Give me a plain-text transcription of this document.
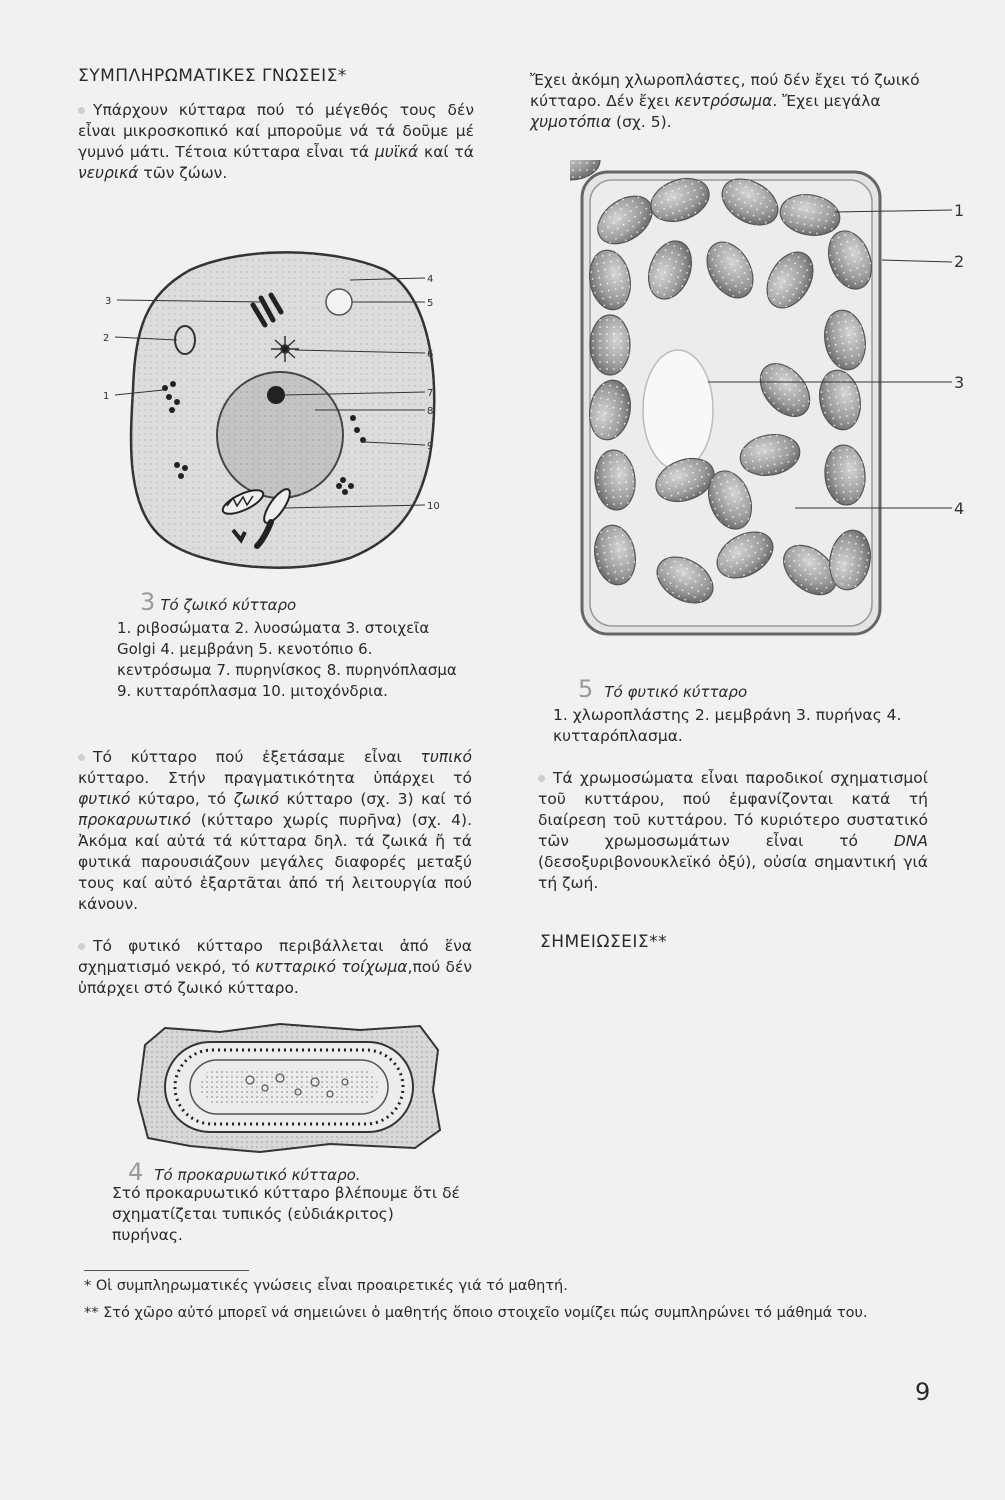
ΣΥΜΠΛΗΡΩΜΑΤΙΚΕΣ ΓΝΩΣΕΙΣ*
Υπάρχουν κύτταρα πού τό μέγεθός τους δέν εἶναι μικροσκοπικό καί μποροῦμε νά τά δοῦμε μέ γυμνό μάτι. Τέτοια κύτταρα εἶναι τά μυϊκά καί τά νευρικά τῶν ζώων.
3
2
1
4
5
6
7
8
9
10
3 Τό ζωικό κύτταρο
1. ριβοσώματα 2. λυοσώματα 3. στοιχεῖα Golgi 4. μεμβράνη 5. κενοτόπιο 6. κεντρόσωμα 7. πυρηνίσκος 8. πυρηνόπλασμα 9. κυτταρόπλασμα 10. μιτοχόνδρια.
Τό κύτταρο πού ἐξετάσαμε εἶναι τυπικό κύτταρο. Στήν πραγματικότητα ὑπάρχει τό φυτικό κύταρο, τό ζωικό κύτταρο (σχ. 3) καί τό προκαρυωτικό (κύτταρο χωρίς πυρῆνα) (σχ. 4). Ἀκόμα καί αὐτά τά κύτταρα δηλ. τά ζωικά ἤ τά φυτικά παρουσιάζουν μεγάλες διαφορές μεταξύ τους καί αὐτό ἐξαρτᾶται ἀπό τή λειτουργία πού κάνουν.
Τό φυτικό κύτταρο περιβάλλεται ἀπό ἕνα σχηματισμό νεκρό, τό κυτταρικό τοίχωμα,πού δέν ὑπάρχει στό ζωικό κύτταρο.
4 Τό προκαρυωτικό κύτταρο.
Στό προκαρυωτικό κύτταρο βλέπουμε ὅτι δέ σχηματίζεται τυπικός (εὐδιάκριτος) πυρήνας.
Ἔχει ἀκόμη χλωροπλάστες, πού δέν ἔχει τό ζωικό κύτταρο. Δέν ἔχει κεντρόσωμα. Ἔχει μεγάλα χυμοτόπια (σχ. 5).
1
2
3
4
5 Τό φυτικό κύτταρο
1. χλωροπλάστης 2. μεμβράνη 3. πυρήνας 4. κυτταρόπλασμα.
Τά χρωμοσώματα εἶναι παροδικοί σχηματισμοί τοῦ κυττάρου, πού ἐμφανίζονται κατά τή διαίρεση τοῦ κυττάρου. Τό κυριότερο συστατικό τῶν χρωμοσωμάτων εἶναι τό DNA (δεσοξυριβονουκλεϊκό ὀξύ), οὐσία σημαντική γιά τή ζωή.
ΣΗΜΕΙΩΣΕΙΣ**
* Οἱ συμπληρωματικές γνώσεις εἶναι προαιρετικές γιά τό μαθητή.
** Στό χῶρο αὐτό μπορεῖ νά σημειώνει ὁ μαθητής ὅποιο στοιχεῖο νομίζει πώς συμπληρώνει τό μάθημά του.
9
